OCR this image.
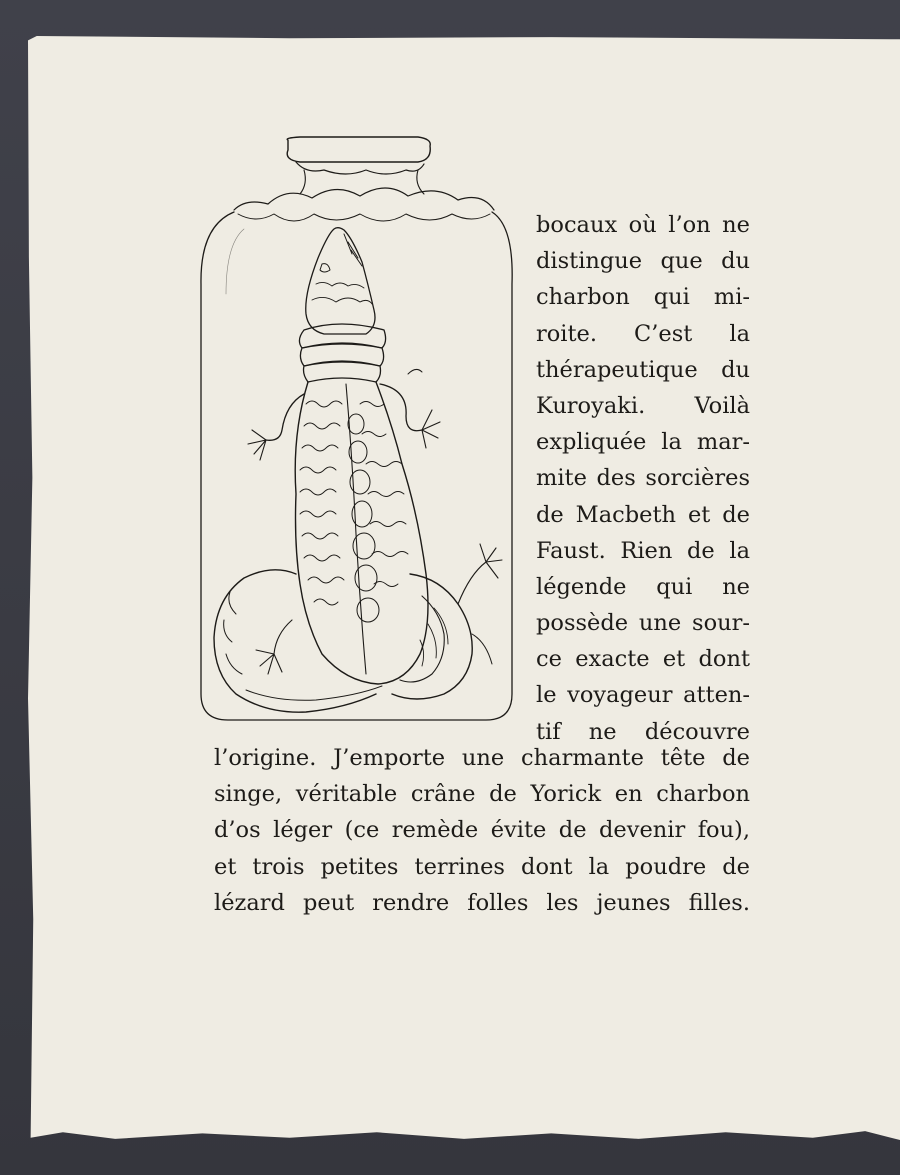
bocaux où l’on ne
distingue que du
charbon qui mi-
roite. C’est la
thérapeutique du
Kuroyaki. Voilà
expliquée la mar-
mite des sorcières
de Macbeth et de
Faust. Rien de la
légende qui ne
possède une sour-
ce exacte et dont
le voyageur atten-
tif ne découvre
l’origine. J’emporte une charmante tête de
singe, véritable crâne de Yorick en charbon
d’os léger (ce remède évite de devenir fou),
et trois petites terrines dont la poudre de
lézard peut rendre folles les jeunes filles.
